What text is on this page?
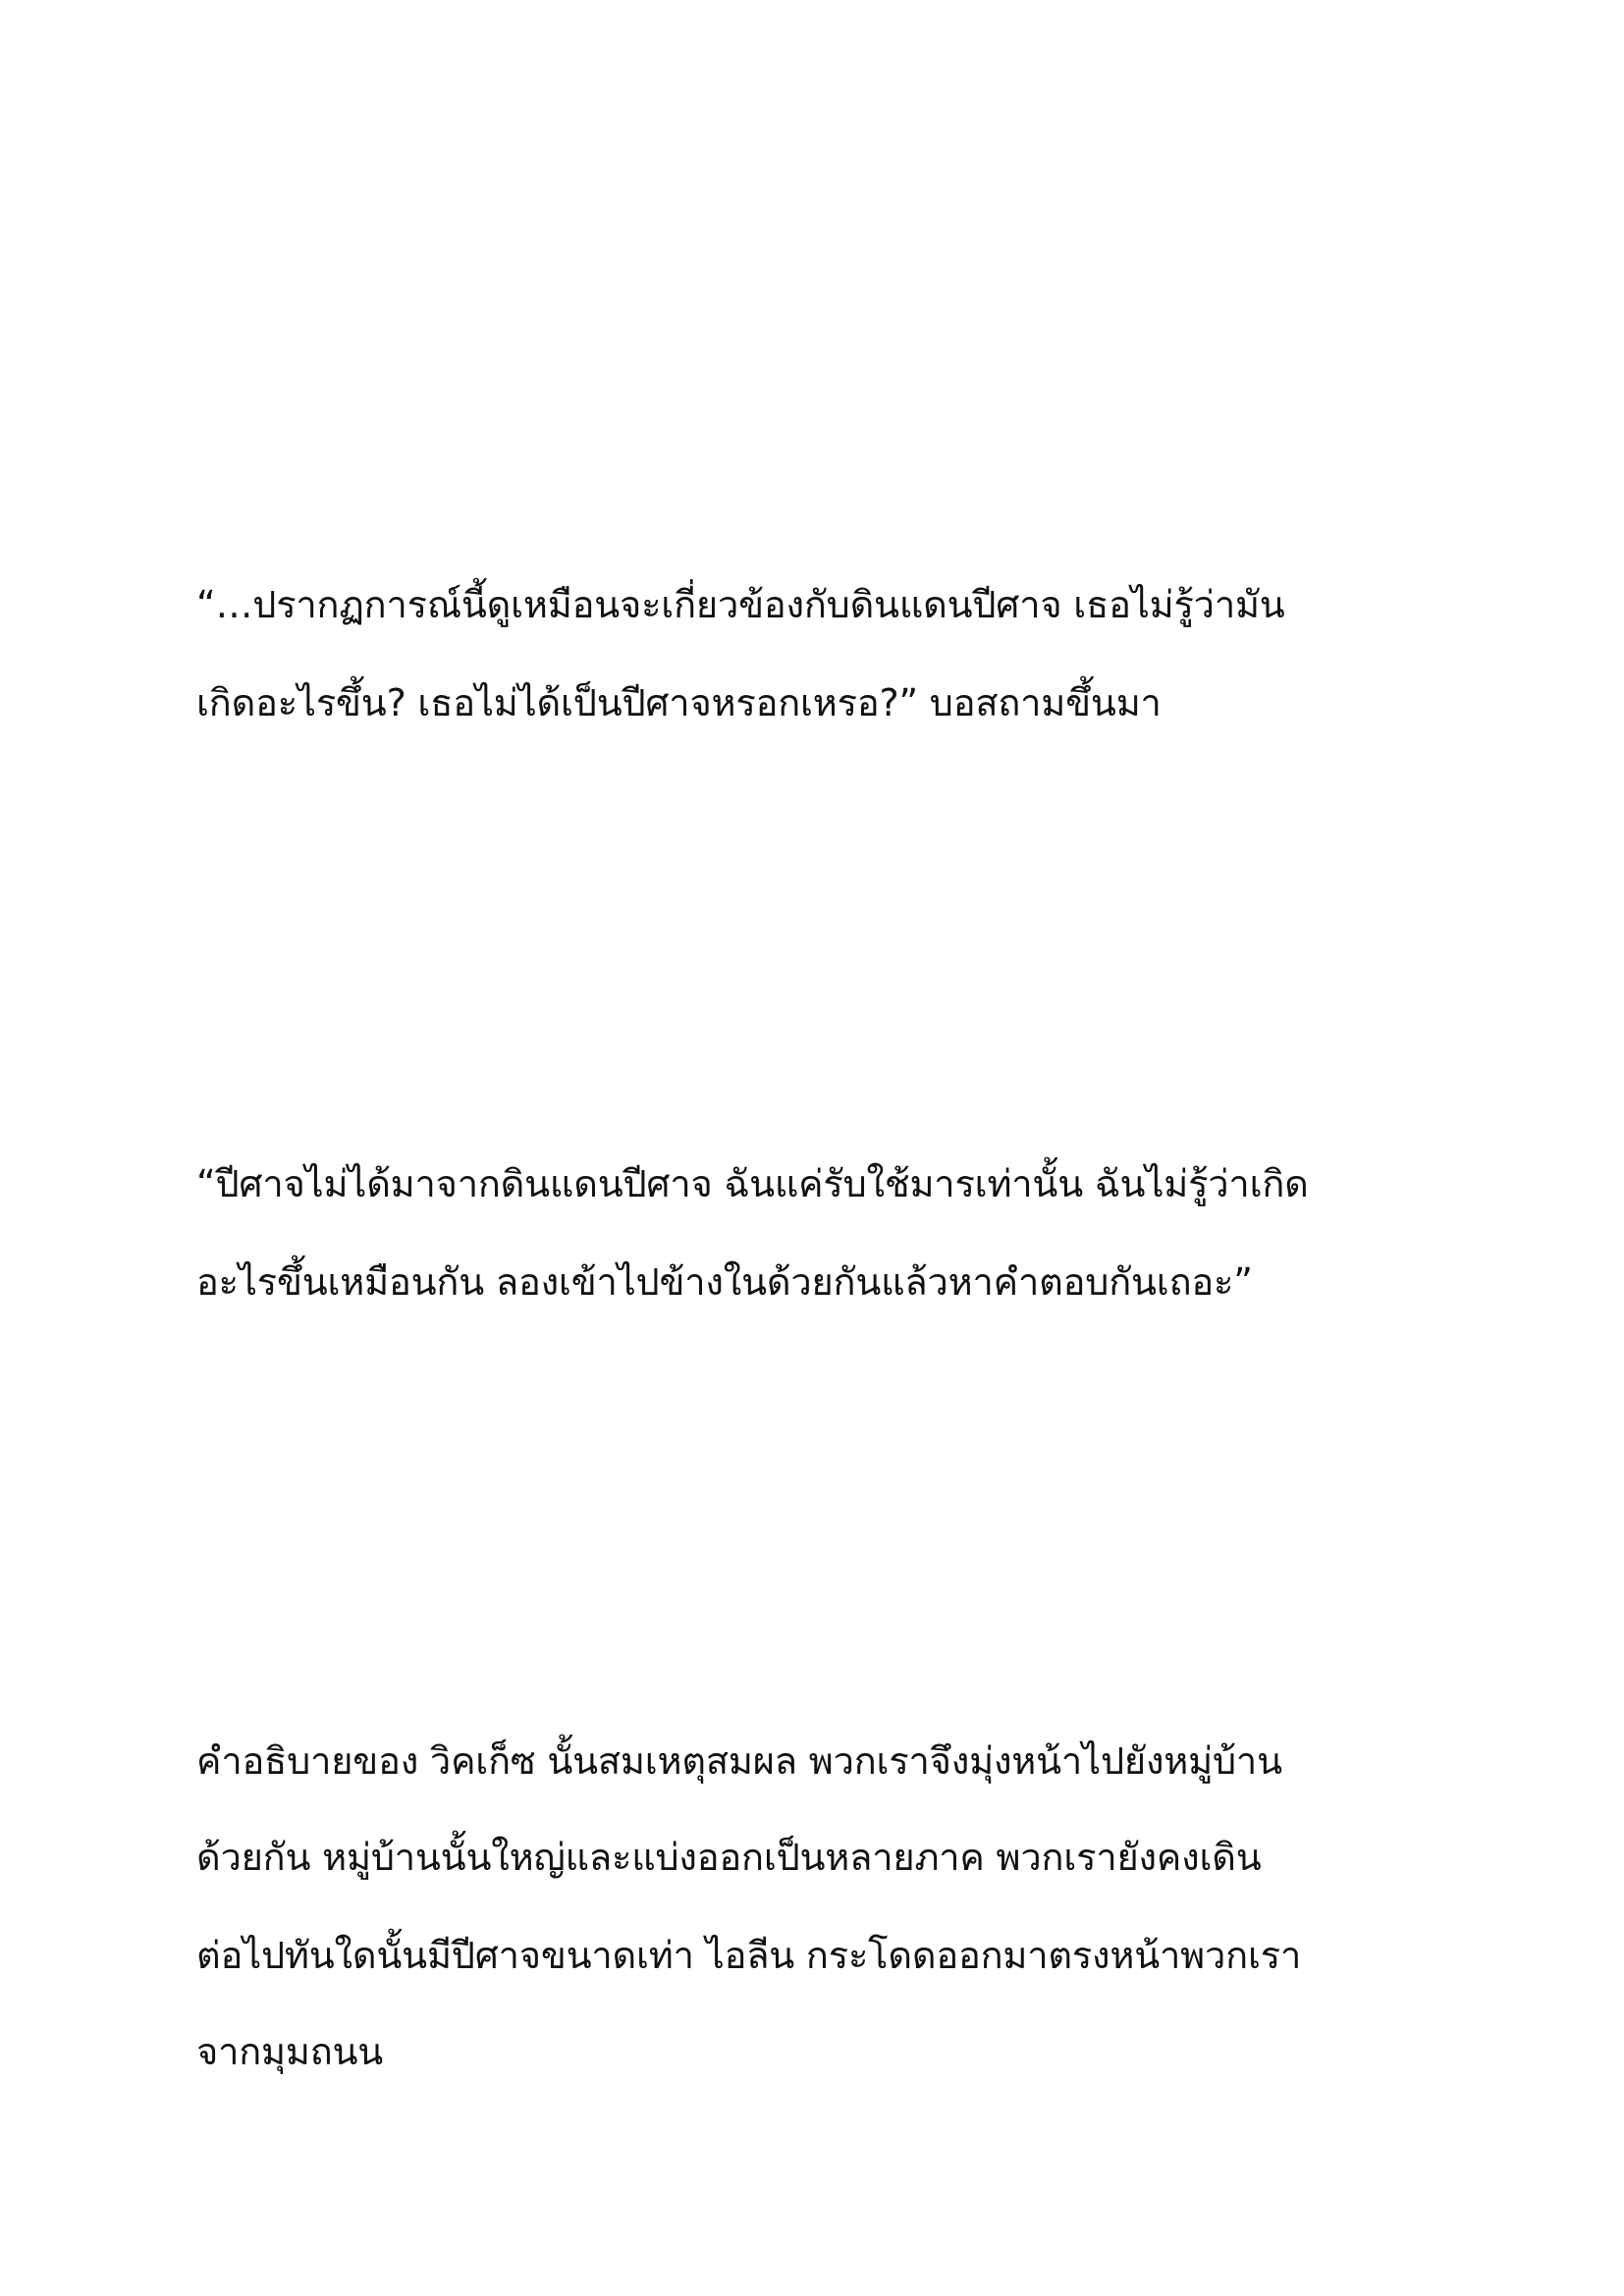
“…ปรากฏการณ์นี้ดูเหมือนจะเกี่ยวข้องกับดินแดนปีศาจ เธอไม่รู้ว่ามัน

เกิดอะไรขึ้น? เธอไม่ได้เป็นปีศาจหรอกเหรอ?” บอสถามขึ้นมา

“ปีศาจไม่ได้มาจากดินแดนปีศาจ ฉันแค่รับใช้มารเท่านั้น ฉันไม่รู้ว่าเกิด

อะไรขึ้นเหมือนกัน ลองเข้าไปข้างในด้วยกันแล้วหาคำตอบกันเถอะ”

คำอธิบายของ วิคเก็ซ นั้นสมเหตุสมผล พวกเราจึงมุ่งหน้าไปยังหมู่บ้าน

ด้วยกัน หมู่บ้านนั้นใหญ่และแบ่งออกเป็นหลายภาค พวกเรายังคงเดิน

ต่อไปทันใดนั้นมีปีศาจขนาดเท่า ไอลีน กระโดดออกมาตรงหน้าพวกเรา

จากมุมถนน
